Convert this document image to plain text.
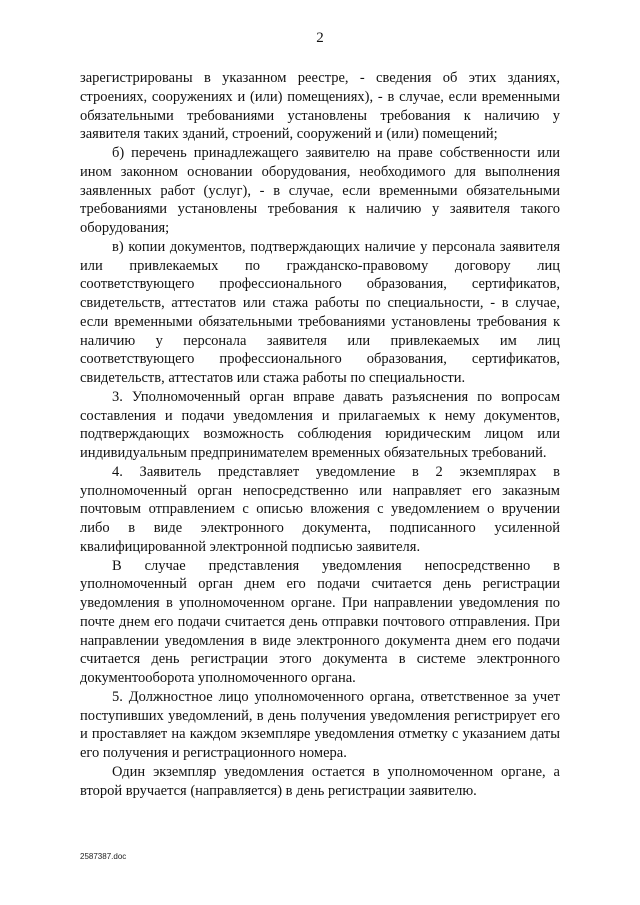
2

зарегистрированы в указанном реестре, - сведения об этих зданиях, строениях, сооружениях и (или) помещениях), - в случае, если временными обязательными требованиями установлены требования к наличию у заявителя таких зданий, строений, сооружений и (или) помещений;

б) перечень принадлежащего заявителю на праве собственности или ином законном основании оборудования, необходимого для выполнения заявленных работ (услуг), - в случае, если временными обязательными требованиями установлены требования к наличию у заявителя такого оборудования;

в) копии документов, подтверждающих наличие у персонала заявителя или привлекаемых по гражданско-правовому договору лиц соответствующего профессионального образования, сертификатов, свидетельств, аттестатов или стажа работы по специальности, - в случае, если временными обязательными требованиями установлены требования к наличию у персонала заявителя или привлекаемых им лиц соответствующего профессионального образования, сертификатов, свидетельств, аттестатов или стажа работы по специальности.

3. Уполномоченный орган вправе давать разъяснения по вопросам составления и подачи уведомления и прилагаемых к нему документов, подтверждающих возможность соблюдения юридическим лицом или индивидуальным предпринимателем временных обязательных требований.

4. Заявитель представляет уведомление в 2 экземплярах в уполномоченный орган непосредственно или направляет его заказным почтовым отправлением с описью вложения с уведомлением о вручении либо в виде электронного документа, подписанного усиленной квалифицированной электронной подписью заявителя.

В случае представления уведомления непосредственно в уполномоченный орган днем его подачи считается день регистрации уведомления в уполномоченном органе. При направлении уведомления по почте днем его подачи считается день отправки почтового отправления. При направлении уведомления в виде электронного документа днем его подачи считается день регистрации этого документа в системе электронного документооборота уполномоченного органа.

5. Должностное лицо уполномоченного органа, ответственное за учет поступивших уведомлений, в день получения уведомления регистрирует его и проставляет на каждом экземпляре уведомления отметку с указанием даты его получения и регистрационного номера.

Один экземпляр уведомления остается в уполномоченном органе, а второй вручается (направляется) в день регистрации заявителю.

2587387.doc
